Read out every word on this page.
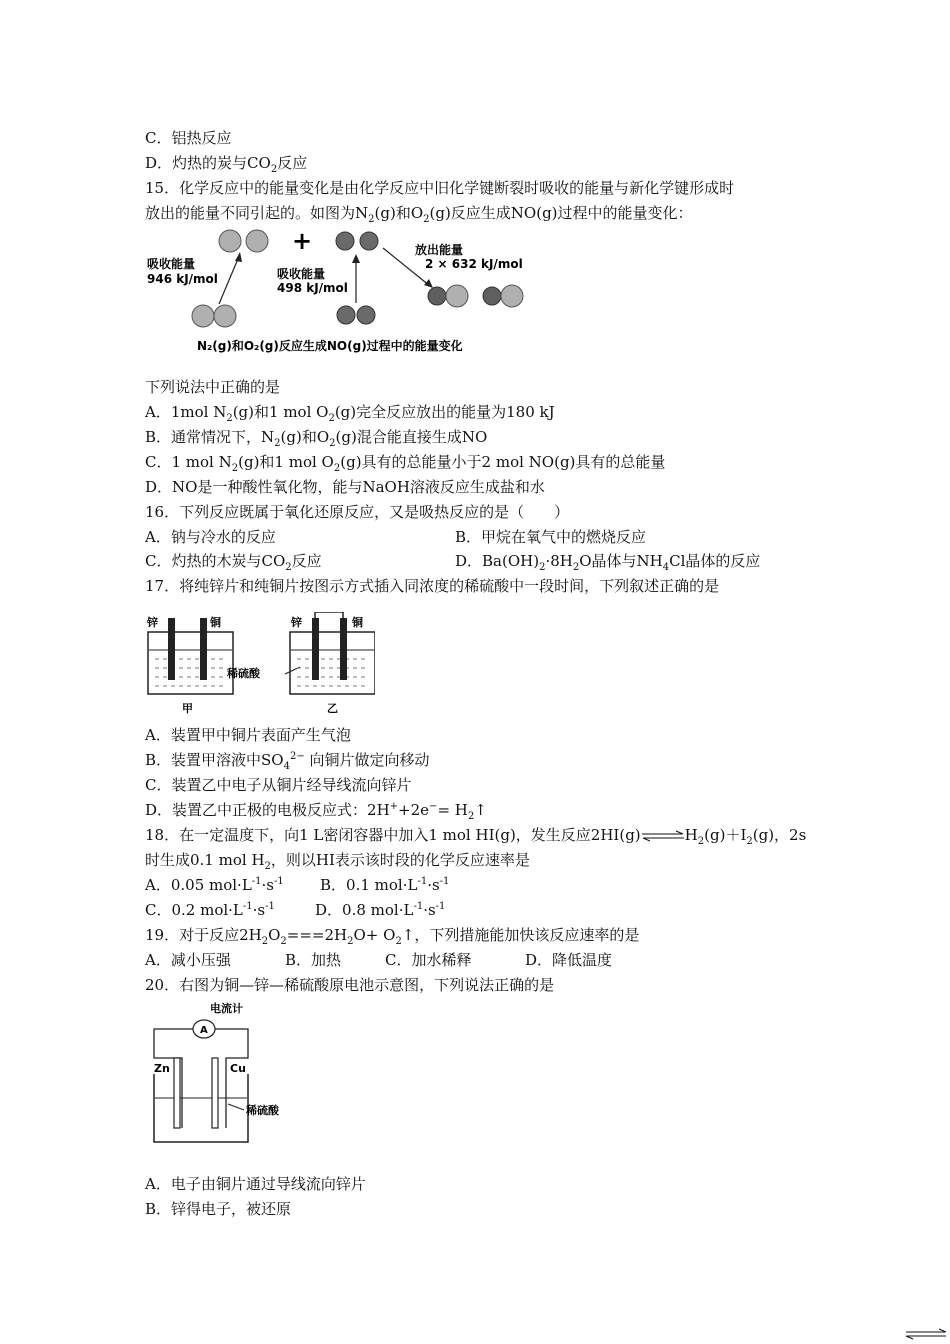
C．铝热反应
D．灼热的炭与$CO_2$反应
15．化学反应中的能量变化是由化学反应中旧化学键断裂时吸收的能量与新化学键形成时
放出的能量不同引起的。如图为$N_2(g)$和$O_2(g)$反应生成NO(g)过程中的能量变化：
+
吸收能量
946 kJ/mol	吸收能量
498 kJ/mol
放出能量
2 × 632 kJ/mol
N₂(g)和O₂(g)反应生成NO(g)过程中的能量变化
下列说法中正确的是
A．1mol $N_2(g)$和1 mol $O_2(g)$完全反应放出的能量为180 kJ
B．通常情况下，$N_2(g)$和$O_2(g)$混合能直接生成NO
C．1 mol $N_2(g)$和1 mol $O_2(g)$具有的总能量小于2 mol NO(g)具有的总能量
D．NO是一种酸性氧化物，能与NaOH溶液反应生成盐和水
16．下列反应既属于氧化还原反应，又是吸热反应的是（　　）
A．钠与冷水的反应	B．甲烷在氧气中的燃烧反应
C．灼热的木炭与$CO_2$反应	D．$Ba(OH)_2\cdot 8H_2O$晶体与$NH_4Cl$晶体的反应
17．将纯锌片和纯铜片按图示方式插入同浓度的稀硫酸中一段时间，下列叙述正确的是
锌	铜
甲
稀硫酸
锌	铜
乙
A．装置甲中铜片表面产生气泡
B．装置甲溶液中$SO_4^{2-}$ 向铜片做定向移动
C．装置乙中电子从铜片经导线流向锌片
D．装置乙中正极的电极反应式：$2H^++2e^-= H_2↑$
18．在一定温度下，向1 L密闭容器中加入1 mol HI(g)，发生反应$2HI(g)\rightleftharpoons H_2(g)+I_2(g)$，2s
时生成0.1 mol $H_2$，则以HI表示该时段的化学反应速率是
A．0.05 $mol\cdot L^{-1}\cdot s^{-1}$ B．0.1 $mol\cdot L^{-1}\cdot s^{-1}$
C．0.2 $mol\cdot L^{-1}\cdot s^{-1}$	D．0.8 $mol\cdot L^{-1}\cdot s^{-1}$
19．对于反应$2H_2O_2===2H_2O+$ $O_2↑$，下列措施能加快该反应速率的是
A．减小压强	B．加热	C．加水稀释	D．降低温度
20．右图为铜—锌—稀硫酸原电池示意图，下列说法正确的是
电流计
A
Zn	Cu
稀硫酸
A．电子由铜片通过导线流向锌片
B．锌得电子，被还原
